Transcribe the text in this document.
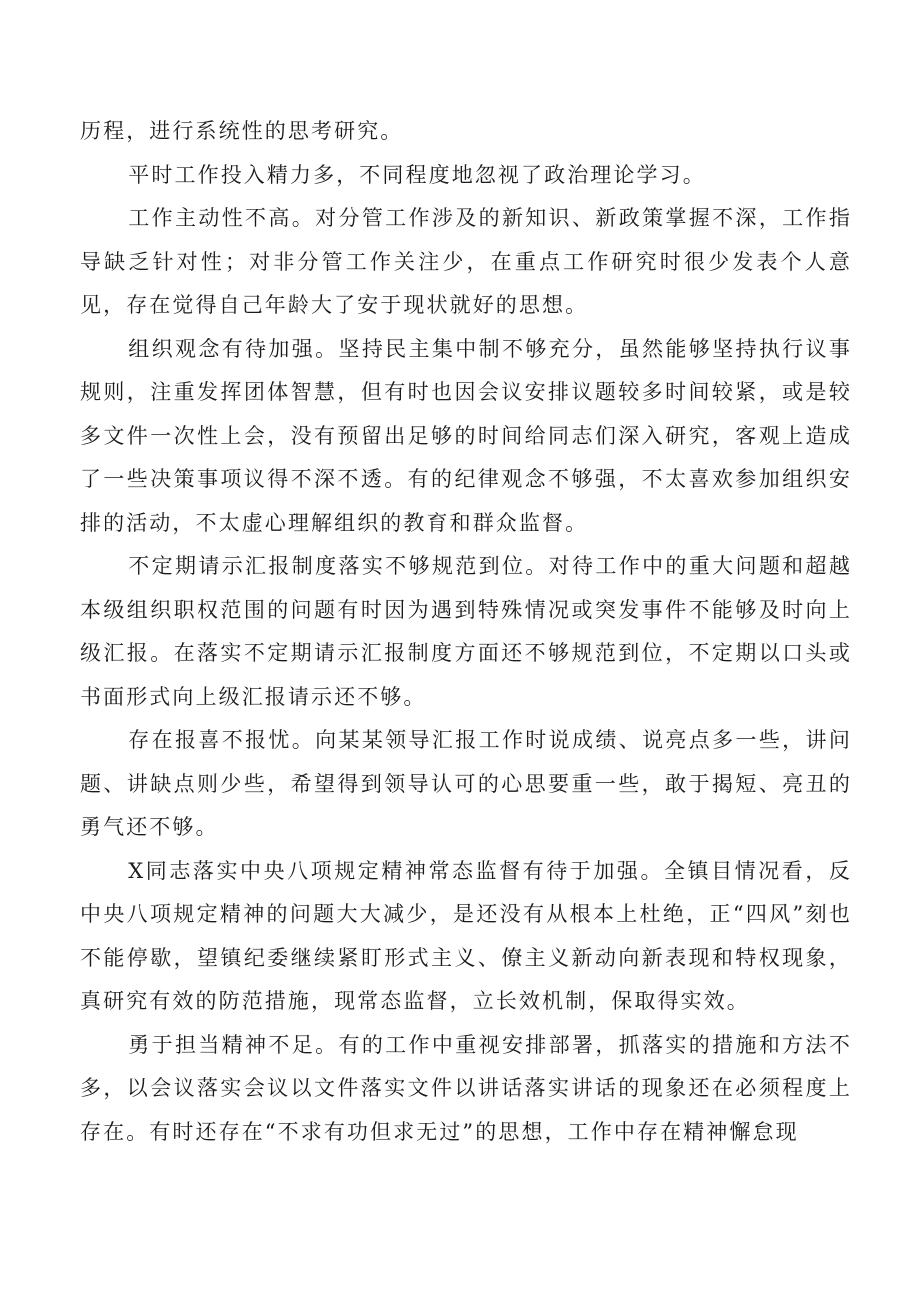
历程，进行系统性的思考研究。

平时工作投入精力多，不同程度地忽视了政治理论学习。

工作主动性不高。对分管工作涉及的新知识、新政策掌握不深，工作指导缺乏针对性；对非分管工作关注少，在重点工作研究时很少发表个人意见，存在觉得自己年龄大了安于现状就好的思想。

组织观念有待加强。坚持民主集中制不够充分，虽然能够坚持执行议事规则，注重发挥团体智慧，但有时也因会议安排议题较多时间较紧，或是较多文件一次性上会，没有预留出足够的时间给同志们深入研究，客观上造成了一些决策事项议得不深不透。有的纪律观念不够强，不太喜欢参加组织安排的活动，不太虚心理解组织的教育和群众监督。

不定期请示汇报制度落实不够规范到位。对待工作中的重大问题和超越本级组织职权范围的问题有时因为遇到特殊情况或突发事件不能够及时向上级汇报。在落实不定期请示汇报制度方面还不够规范到位，不定期以口头或书面形式向上级汇报请示还不够。

存在报喜不报忧。向某某领导汇报工作时说成绩、说亮点多一些，讲问题、讲缺点则少些，希望得到领导认可的心思要重一些，敢于揭短、亮丑的勇气还不够。

X同志落实中央八项规定精神常态监督有待于加强。全镇目情况看，反中央八项规定精神的问题大大减少，是还没有从根本上杜绝，正“四风”刻也不能停歇，望镇纪委继续紧盯形式主义、僚主义新动向新表现和特权现象，真研究有效的防范措施，现常态监督，立长效机制，保取得实效。

勇于担当精神不足。有的工作中重视安排部署，抓落实的措施和方法不多，以会议落实会议以文件落实文件以讲话落实讲话的现象还在必须程度上存在。有时还存在“不求有功但求无过”的思想，工作中存在精神懈怠现
